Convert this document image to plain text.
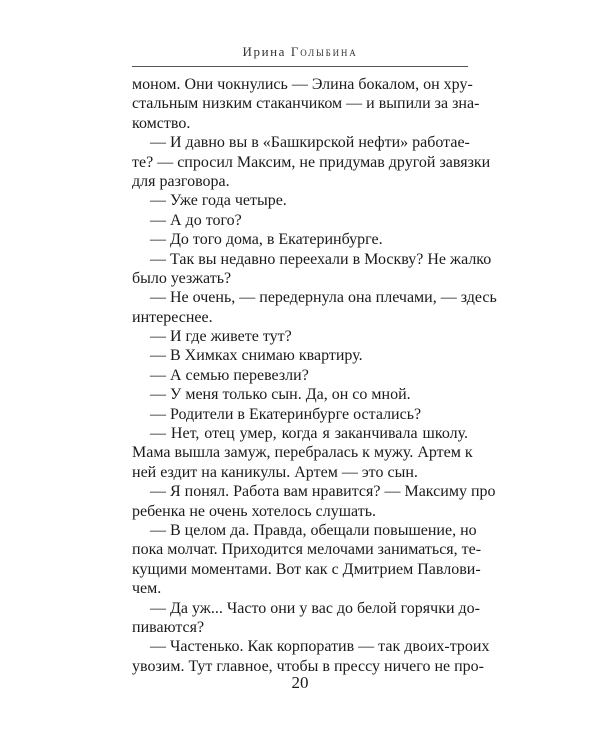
Ирина Голыбина
моном. Они чокнулись — Элина бокалом, он хру-
стальным низким стаканчиком — и выпили за зна-
комство.
— И давно вы в «Башкирской нефти» работае-
те? — спросил Максим, не придумав другой завязки
для разговора.
— Уже года четыре.
— А до того?
— До того дома, в Екатеринбурге.
— Так вы недавно переехали в Москву? Не жалко
было уезжать?
— Не очень, — передернула она плечами, — здесь
интереснее.
— И где живете тут?
— В Химках снимаю квартиру.
— А семью перевезли?
— У меня только сын. Да, он со мной.
— Родители в Екатеринбурге остались?
— Нет, отец умер, когда я заканчивала школу.
Мама вышла замуж, перебралась к мужу. Артем к
ней ездит на каникулы. Артем — это сын.
— Я понял. Работа вам нравится? — Максиму про
ребенка не очень хотелось слушать.
— В целом да. Правда, обещали повышение, но
пока молчат. Приходится мелочами заниматься, те-
кущими моментами. Вот как с Дмитрием Павлови-
чем.
— Да уж... Часто они у вас до белой горячки до-
пиваются?
— Частенько. Как корпоратив — так двоих-троих
увозим. Тут главное, чтобы в прессу ничего не про-
20
